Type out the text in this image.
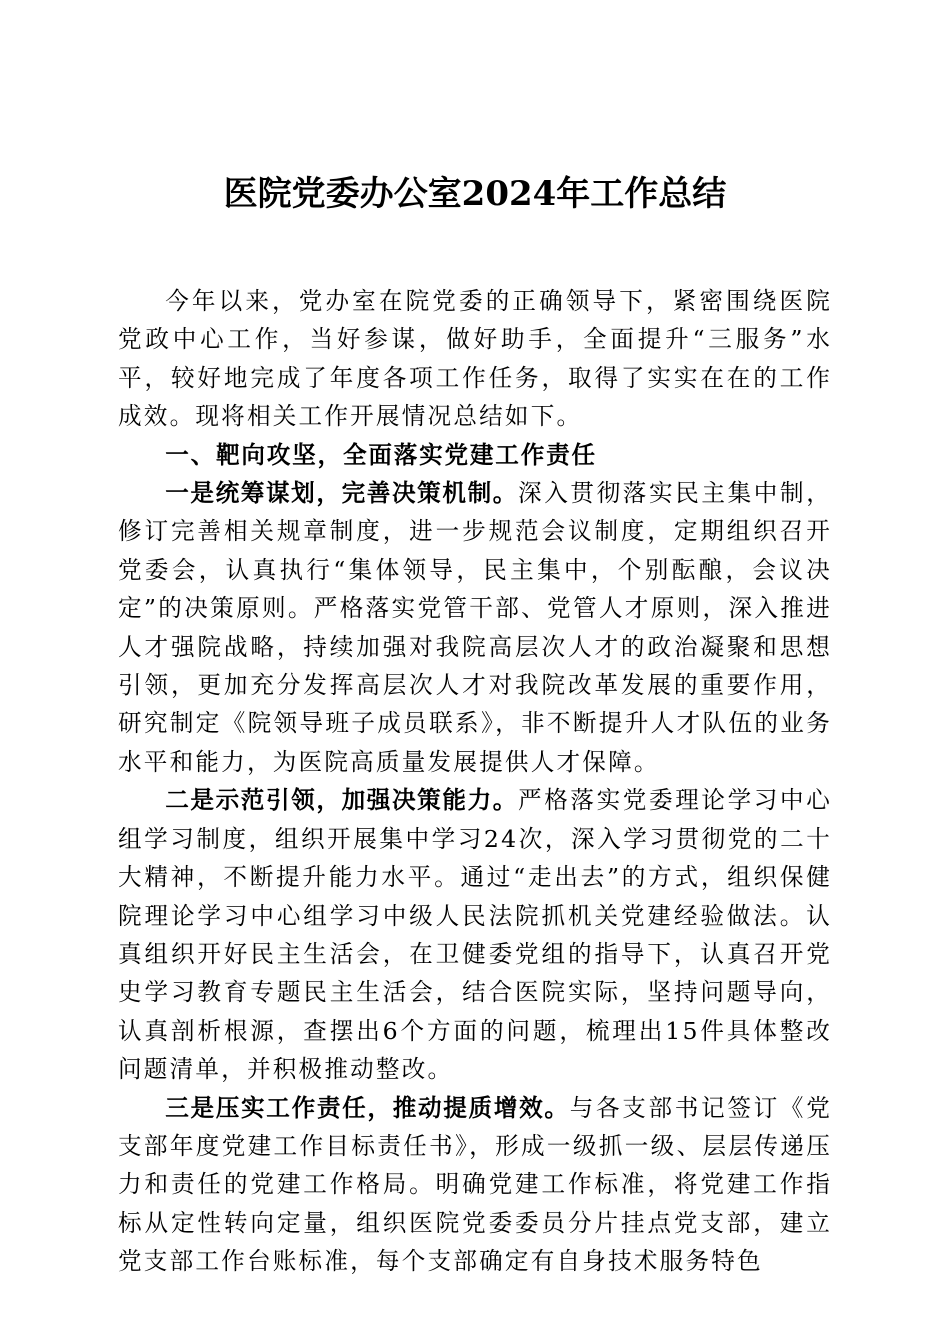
医院党委办公室2024年工作总结

今年以来，党办室在院党委的正确领导下，紧密围绕医院党政中心工作，当好参谋，做好助手，全面提升“三服务”水平，较好地完成了年度各项工作任务，取得了实实在在的工作成效。现将相关工作开展情况总结如下。

一、靶向攻坚，全面落实党建工作责任

一是统筹谋划，完善决策机制。深入贯彻落实民主集中制，修订完善相关规章制度，进一步规范会议制度，定期组织召开党委会，认真执行“集体领导，民主集中，个别酝酿，会议决定”的决策原则。严格落实党管干部、党管人才原则，深入推进人才强院战略，持续加强对我院高层次人才的政治凝聚和思想引领，更加充分发挥高层次人才对我院改革发展的重要作用，研究制定《院领导班子成员联系》，非不断提升人才队伍的业务水平和能力，为医院高质量发展提供人才保障。

二是示范引领，加强决策能力。严格落实党委理论学习中心组学习制度，组织开展集中学习24次，深入学习贯彻党的二十大精神，不断提升能力水平。通过“走出去”的方式，组织保健院理论学习中心组学习中级人民法院抓机关党建经验做法。认真组织开好民主生活会，在卫健委党组的指导下，认真召开党史学习教育专题民主生活会，结合医院实际，坚持问题导向，认真剖析根源，查摆出6个方面的问题，梳理出15件具体整改问题清单，并积极推动整改。

三是压实工作责任，推动提质增效。与各支部书记签订《党支部年度党建工作目标责任书》，形成一级抓一级、层层传递压力和责任的党建工作格局。明确党建工作标准，将党建工作指标从定性转向定量，组织医院党委委员分片挂点党支部，建立党支部工作台账标准，每个支部确定有自身技术服务特色
